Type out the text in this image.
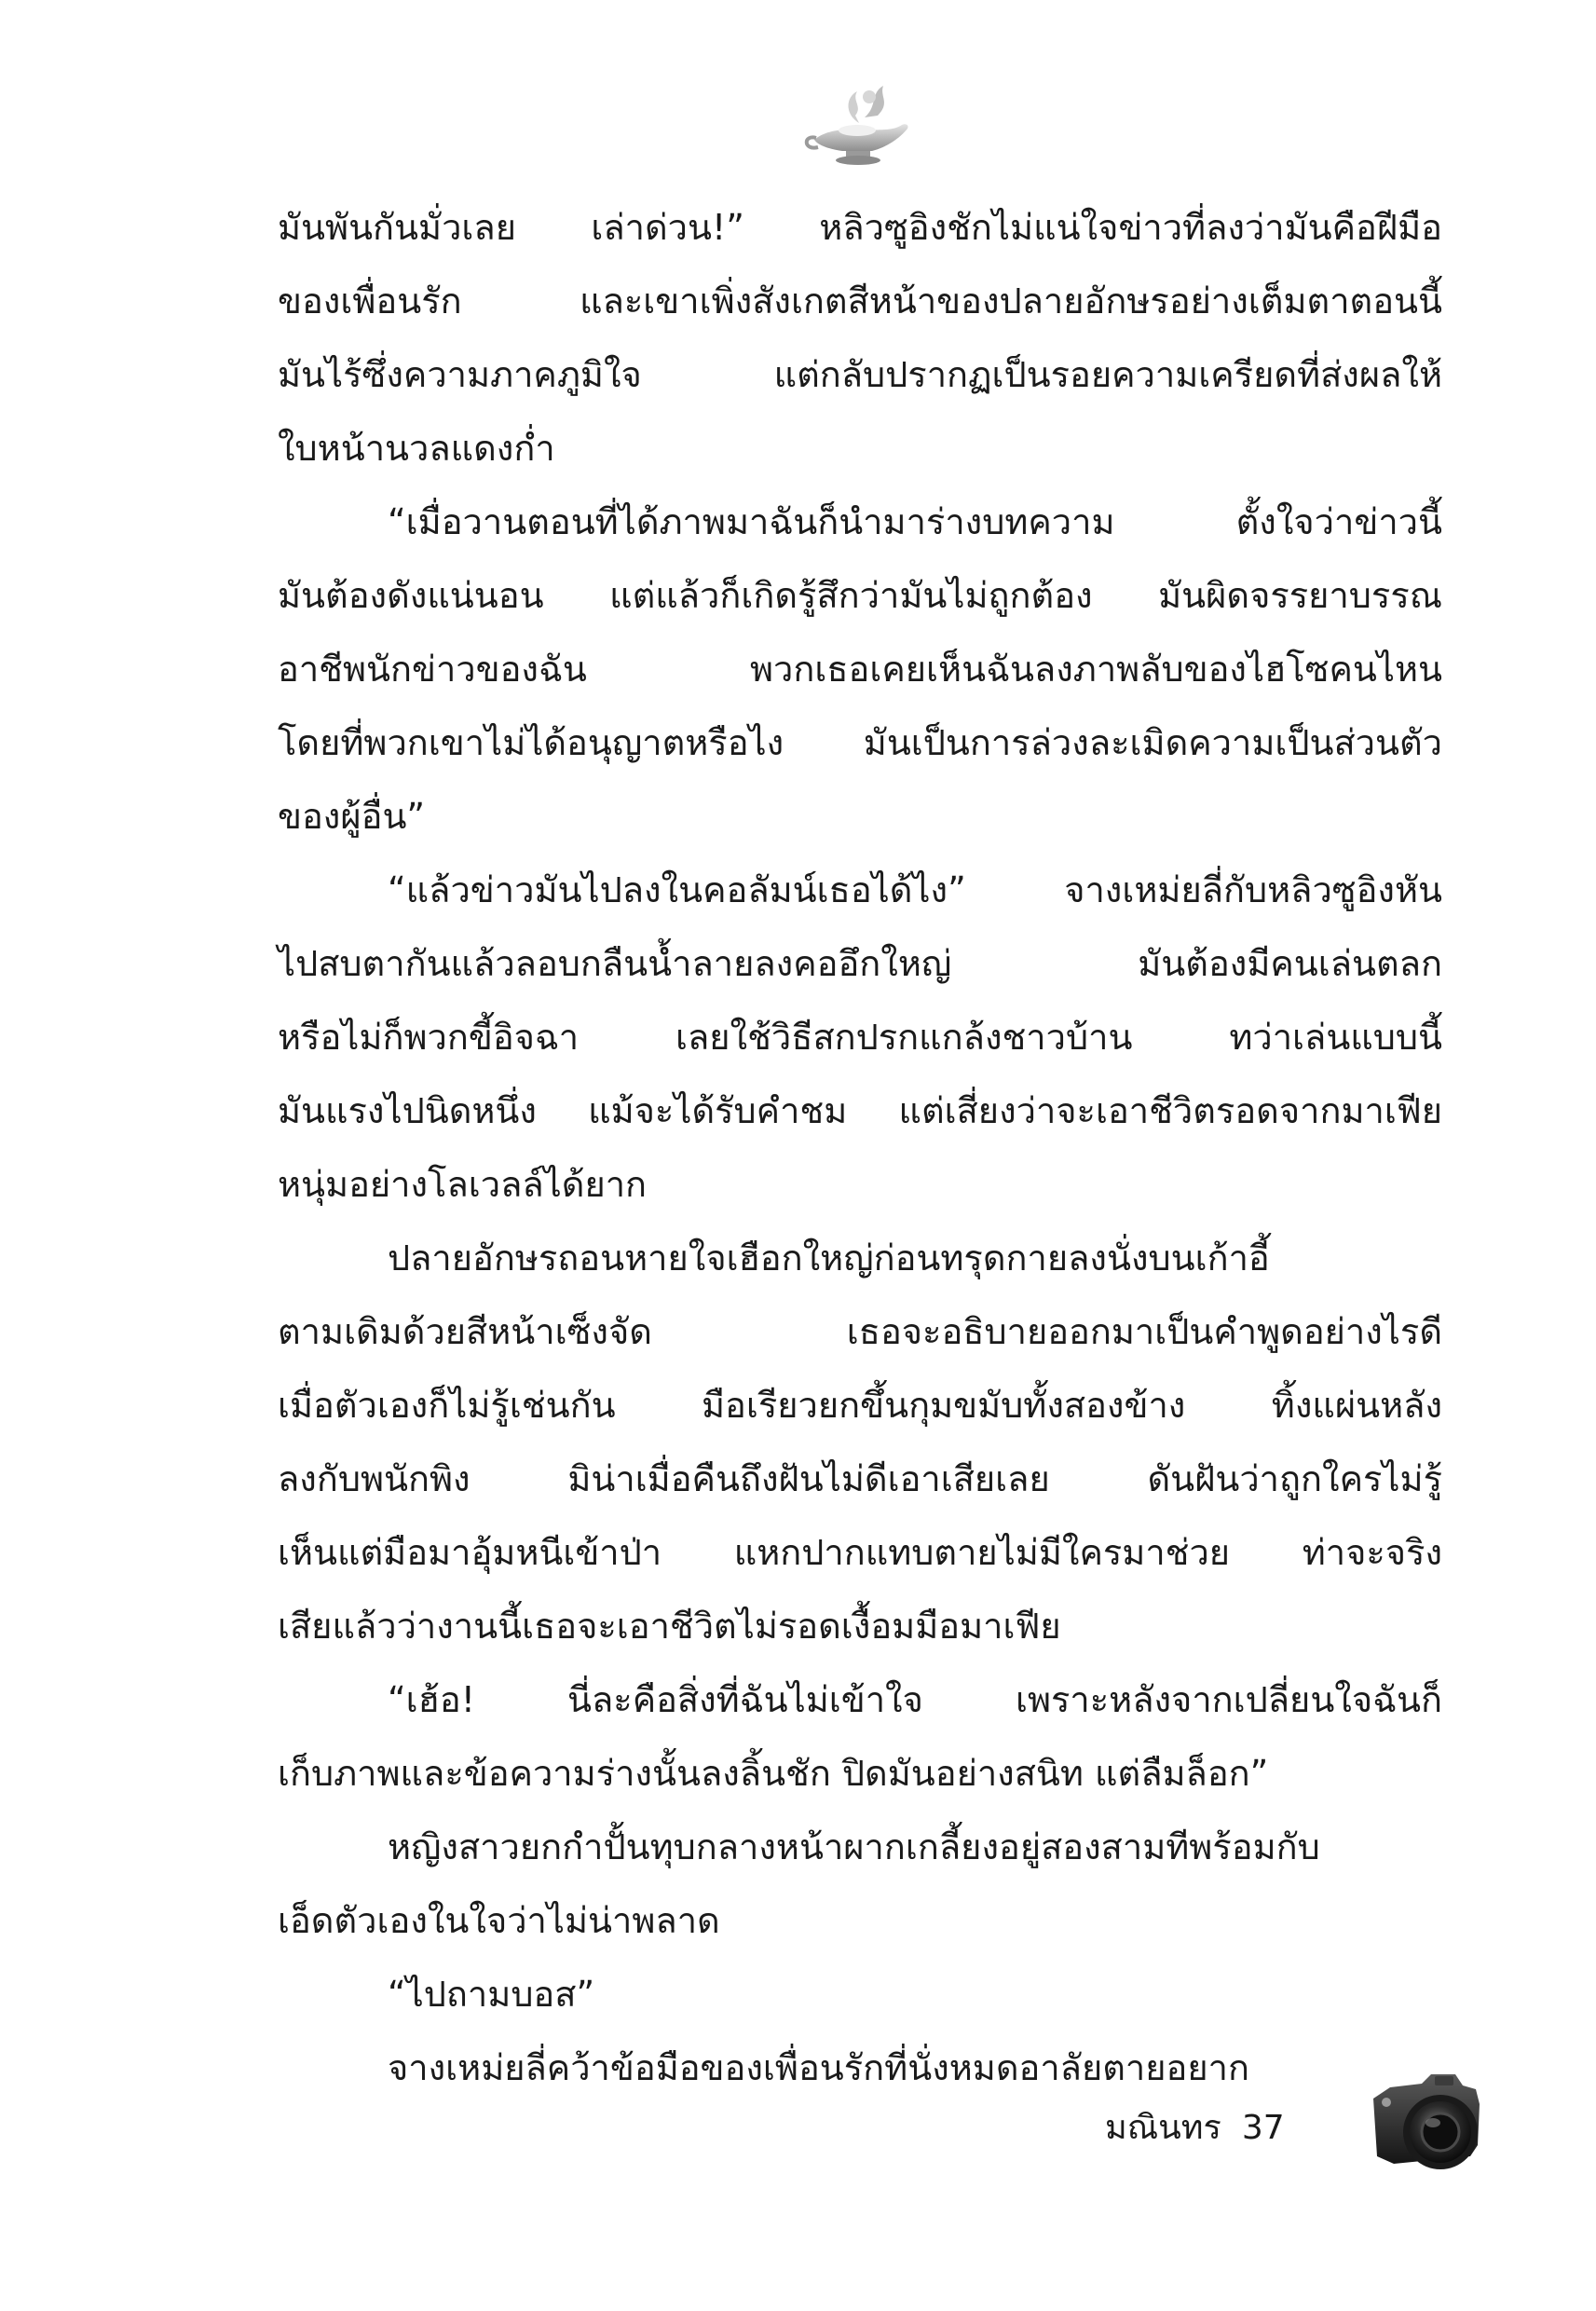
มันพันกันมั่วเลย เล่าด่วน!” หลิวซูอิงชักไม่แน่ใจข่าวที่ลงว่ามันคือฝีมือ
ของเพื่อนรัก และเขาเพิ่งสังเกตสีหน้าของปลายอักษรอย่างเต็มตาตอนนี้
มันไร้ซึ่งความภาคภูมิใจ แต่กลับปรากฏเป็นรอยความเครียดที่ส่งผลให้
ใบหน้านวลแดงก่ำ
“เมื่อวานตอนที่ได้ภาพมาฉันก็นำมาร่างบทความ ตั้งใจว่าข่าวนี้
มันต้องดังแน่นอน แต่แล้วก็เกิดรู้สึกว่ามันไม่ถูกต้อง มันผิดจรรยาบรรณ
อาชีพนักข่าวของฉัน พวกเธอเคยเห็นฉันลงภาพลับของไฮโซคนไหน
โดยที่พวกเขาไม่ได้อนุญาตหรือไง มันเป็นการล่วงละเมิดความเป็นส่วนตัว
ของผู้อื่น”
“แล้วข่าวมันไปลงในคอลัมน์เธอได้ไง” จางเหม่ยลี่กับหลิวซูอิงหัน
ไปสบตากันแล้วลอบกลืนน้ำลายลงคออึกใหญ่ มันต้องมีคนเล่นตลก
หรือไม่ก็พวกขี้อิจฉา เลยใช้วิธีสกปรกแกล้งชาวบ้าน ทว่าเล่นแบบนี้
มันแรงไปนิดหนึ่ง แม้จะได้รับคำชม แต่เสี่ยงว่าจะเอาชีวิตรอดจากมาเฟีย
หนุ่มอย่างโลเวลล์ได้ยาก
ปลายอักษรถอนหายใจเฮือกใหญ่ก่อนทรุดกายลงนั่งบนเก้าอี้
ตามเดิมด้วยสีหน้าเซ็งจัด เธอจะอธิบายออกมาเป็นคำพูดอย่างไรดี
เมื่อตัวเองก็ไม่รู้เช่นกัน มือเรียวยกขึ้นกุมขมับทั้งสองข้าง ทิ้งแผ่นหลัง
ลงกับพนักพิง มิน่าเมื่อคืนถึงฝันไม่ดีเอาเสียเลย ดันฝันว่าถูกใครไม่รู้
เห็นแต่มือมาอุ้มหนีเข้าป่า แหกปากแทบตายไม่มีใครมาช่วย ท่าจะจริง
เสียแล้วว่างานนี้เธอจะเอาชีวิตไม่รอดเงื้อมมือมาเฟีย
“เฮ้อ! นี่ละคือสิ่งที่ฉันไม่เข้าใจ เพราะหลังจากเปลี่ยนใจฉันก็
เก็บภาพและข้อความร่างนั้นลงลิ้นชัก ปิดมันอย่างสนิท แต่ลืมล็อก”
หญิงสาวยกกำปั้นทุบกลางหน้าผากเกลี้ยงอยู่สองสามทีพร้อมกับ
เอ็ดตัวเองในใจว่าไม่น่าพลาด
“ไปถามบอส”
จางเหม่ยลี่คว้าข้อมือของเพื่อนรักที่นั่งหมดอาลัยตายอยาก
มณินทร 37
